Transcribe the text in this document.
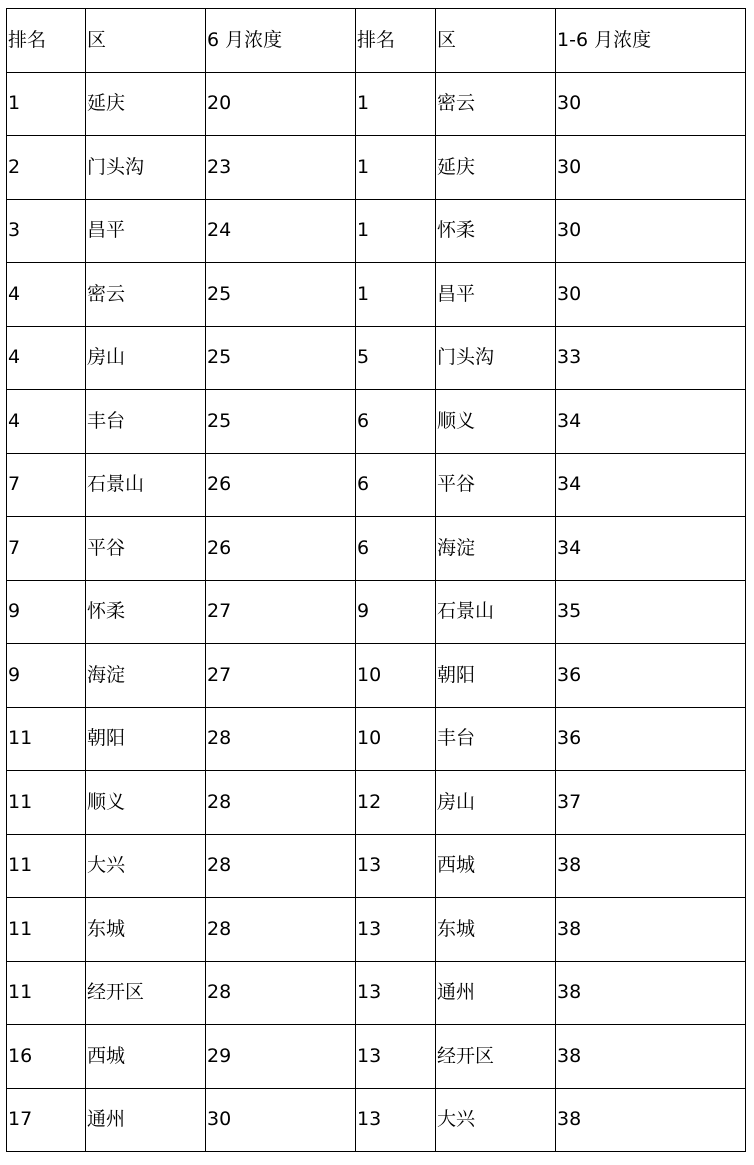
排名	区	6 月浓度	排名	区	1-6 月浓度
1	延庆	20	1	密云	30
2	门头沟	23	1	延庆	30
3	昌平	24	1	怀柔	30
4	密云	25	1	昌平	30
4	房山	25	5	门头沟	33
4	丰台	25	6	顺义	34
7	石景山	26	6	平谷	34
7	平谷	26	6	海淀	34
9	怀柔	27	9	石景山	35
9	海淀	27	10	朝阳	36
11	朝阳	28	10	丰台	36
11	顺义	28	12	房山	37
11	大兴	28	13	西城	38
11	东城	28	13	东城	38
11	经开区	28	13	通州	38
16	西城	29	13	经开区	38
17	通州	30	13	大兴	38
